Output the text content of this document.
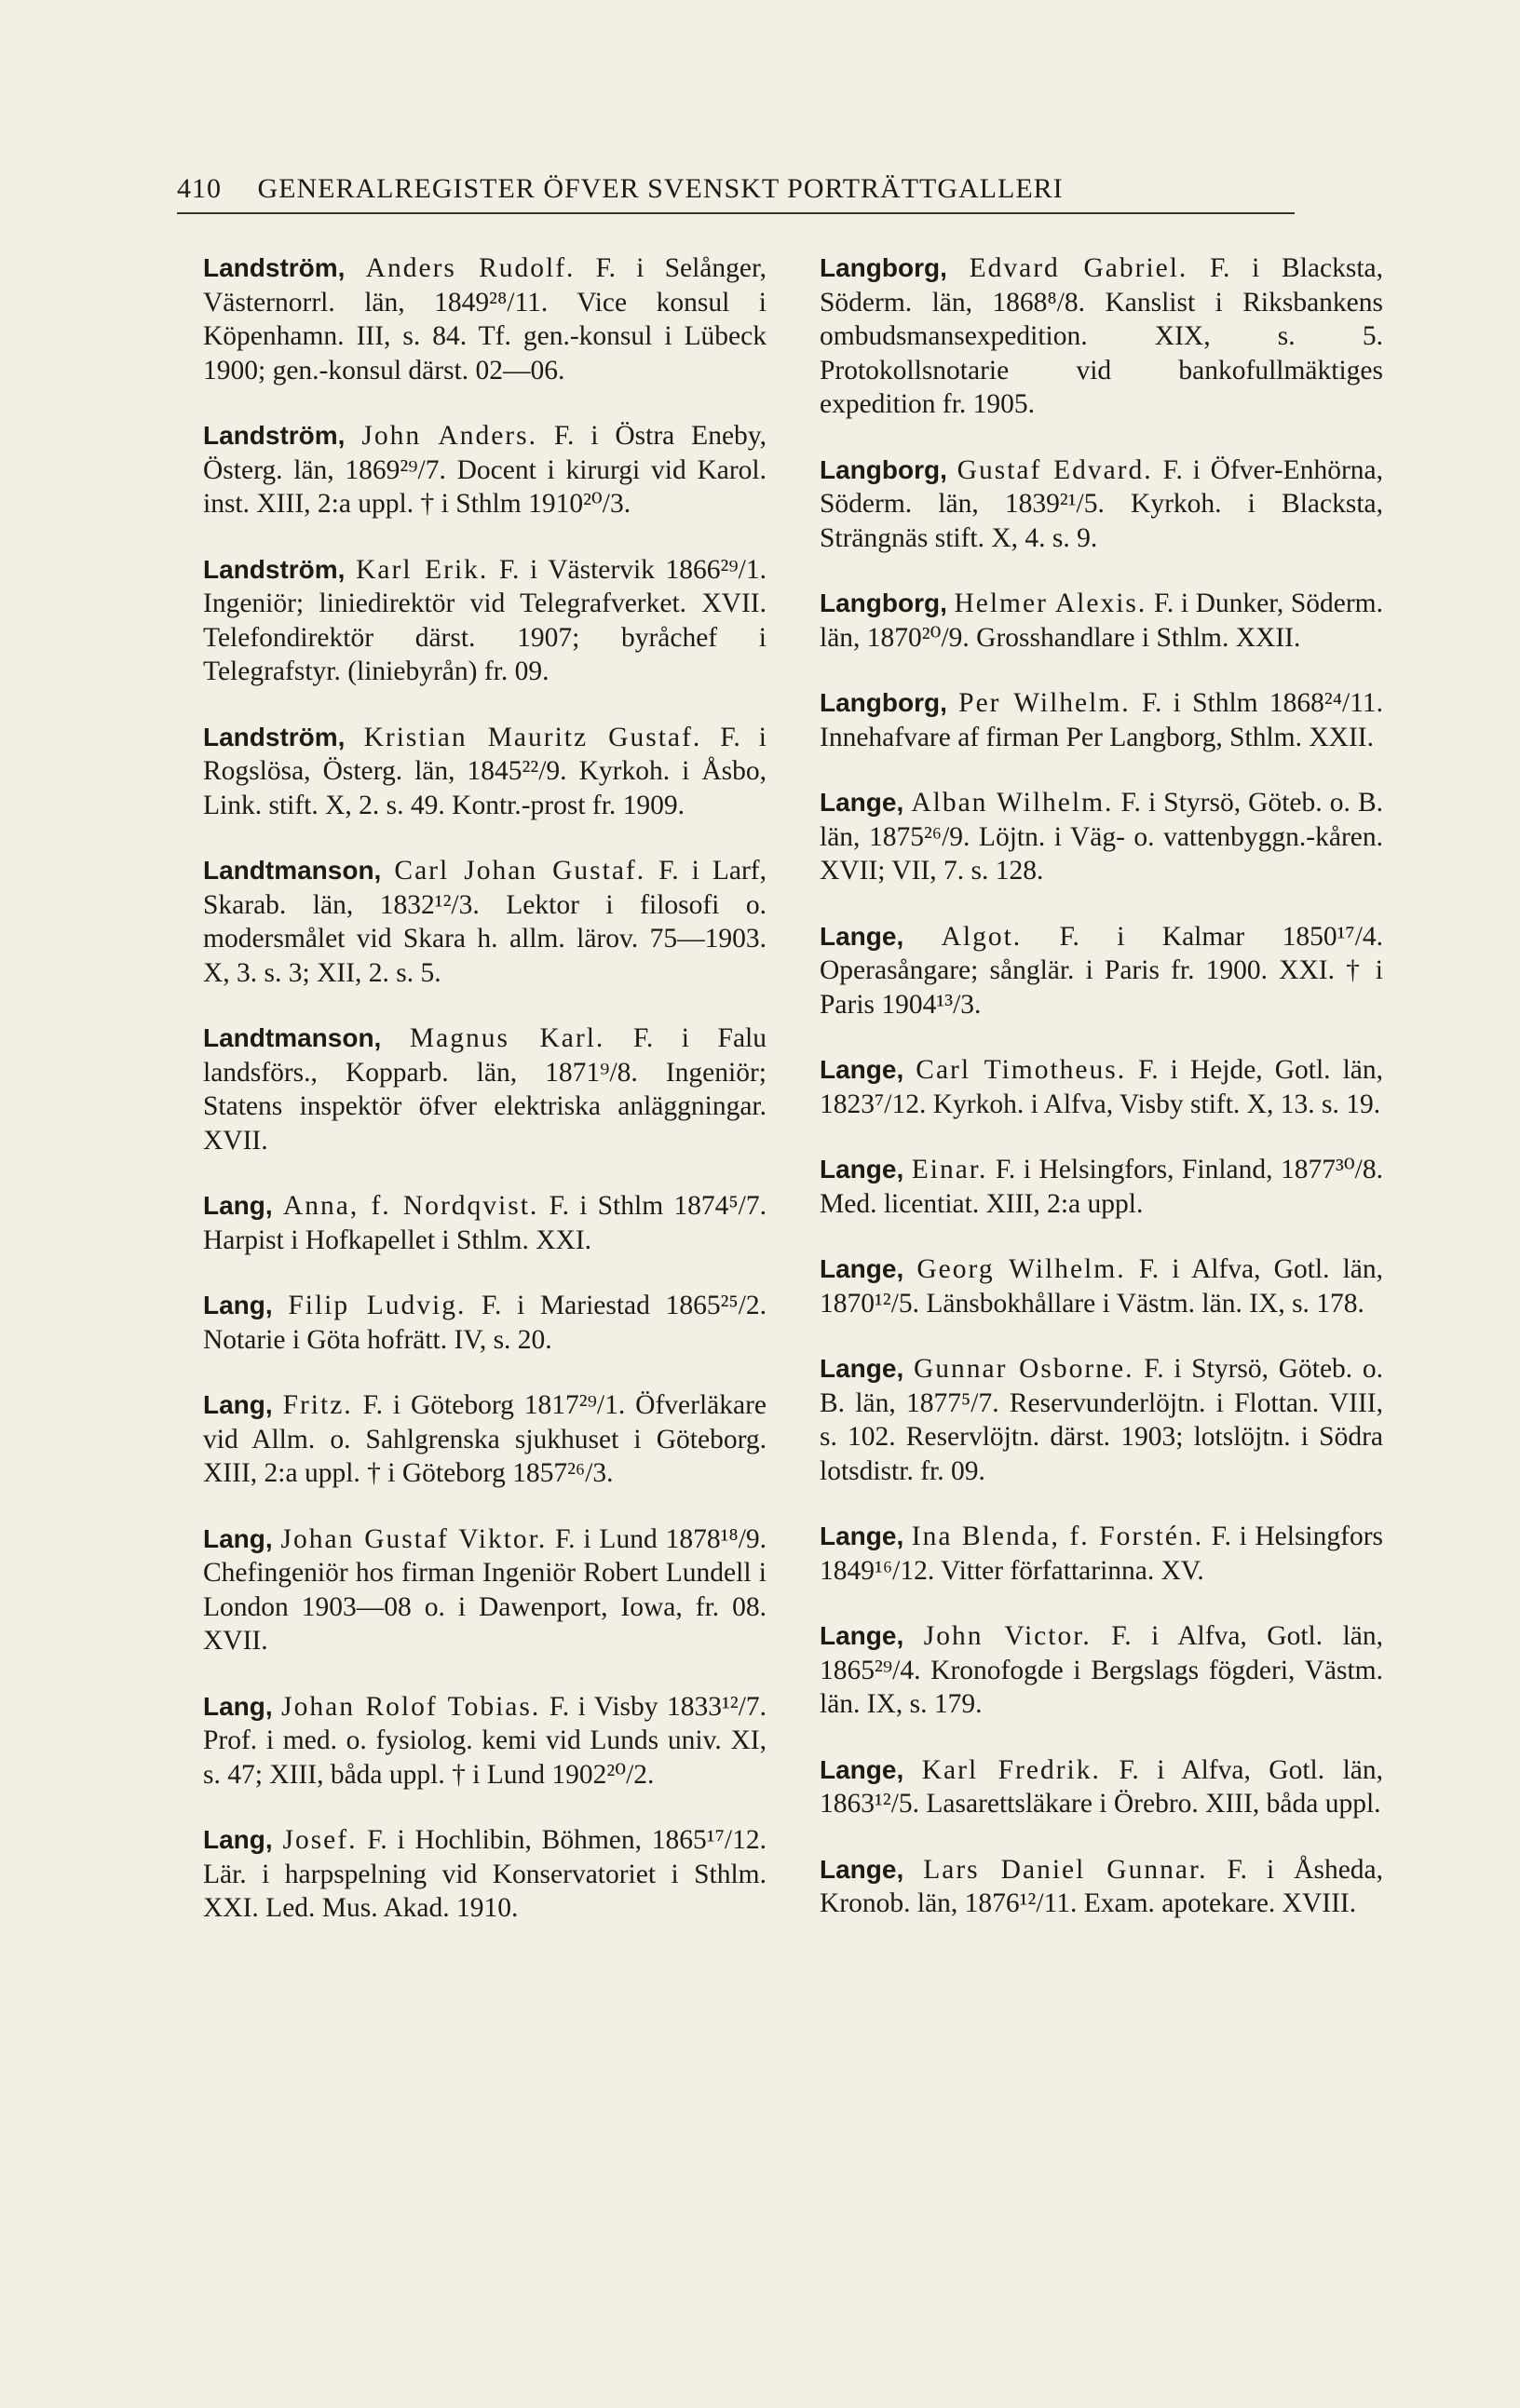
410 GENERALREGISTER ÖFVER SVENSKT PORTRÄTTGALLERI

Landström, Anders Rudolf. F. i Selånger, Västernorrl. län, 1849²⁸/11. Vice konsul i Köpenhamn. III, s. 84. Tf. gen.-konsul i Lübeck 1900; gen.-konsul därst. 02—06.

Landström, John Anders. F. i Östra Eneby, Österg. län, 1869²⁹/7. Docent i kirurgi vid Karol. inst. XIII, 2:a uppl. † i Sthlm 1910²⁰/3.

Landström, Karl Erik. F. i Västervik 1866²⁹/1. Ingeniör; liniedirektör vid Telegrafverket. XVII. Telefondirektör därst. 1907; byråchef i Telegrafstyr. (liniebyrån) fr. 09.

Landström, Kristian Mauritz Gustaf. F. i Rogslösa, Österg. län, 1845²²/9. Kyrkoh. i Åsbo, Link. stift. X, 2. s. 49. Kontr.-prost fr. 1909.

Landtmanson, Carl Johan Gustaf. F. i Larf, Skarab. län, 1832¹²/3. Lektor i filosofi o. modersmålet vid Skara h. allm. lärov. 75—1903. X, 3. s. 3; XII, 2. s. 5.

Landtmanson, Magnus Karl. F. i Falu landsförs., Kopparb. län, 1871⁹/8. Ingeniör; Statens inspektör öfver elektriska anläggningar. XVII.

Lang, Anna, f. Nordqvist. F. i Sthlm 1874⁵/7. Harpist i Hofkapellet i Sthlm. XXI.

Lang, Filip Ludvig. F. i Mariestad 1865²⁵/2. Notarie i Göta hofrätt. IV, s. 20.

Lang, Fritz. F. i Göteborg 1817²⁹/1. Öfverläkare vid Allm. o. Sahlgrenska sjukhuset i Göteborg. XIII, 2:a uppl. † i Göteborg 1857²⁶/3.

Lang, Johan Gustaf Viktor. F. i Lund 1878¹⁸/9. Chefingeniör hos firman Ingeniör Robert Lundell i London 1903—08 o. i Dawenport, Iowa, fr. 08. XVII.

Lang, Johan Rolof Tobias. F. i Visby 1833¹²/7. Prof. i med. o. fysiolog. kemi vid Lunds univ. XI, s. 47; XIII, båda uppl. † i Lund 1902²⁰/2.

Lang, Josef. F. i Hochlibin, Böhmen, 1865¹⁷/12. Lär. i harpspelning vid Konservatoriet i Sthlm. XXI. Led. Mus. Akad. 1910.

Langborg, Edvard Gabriel. F. i Blacksta, Söderm. län, 1868⁸/8. Kanslist i Riksbankens ombudsmansexpedition. XIX, s. 5. Protokollsnotarie vid bankofullmäktiges expedition fr. 1905.

Langborg, Gustaf Edvard. F. i Öfver-Enhörna, Söderm. län, 1839²¹/5. Kyrkoh. i Blacksta, Strängnäs stift. X, 4. s. 9.

Langborg, Helmer Alexis. F. i Dunker, Söderm. län, 1870²⁰/9. Grosshandlare i Sthlm. XXII.

Langborg, Per Wilhelm. F. i Sthlm 1868²⁴/11. Innehafvare af firman Per Langborg, Sthlm. XXII.

Lange, Alban Wilhelm. F. i Styrsö, Göteb. o. B. län, 1875²⁶/9. Löjtn. i Väg- o. vattenbyggn.-kåren. XVII; VII, 7. s. 128.

Lange, Algot. F. i Kalmar 1850¹⁷/4. Operasångare; sånglär. i Paris fr. 1900. XXI. † i Paris 1904¹³/3.

Lange, Carl Timotheus. F. i Hejde, Gotl. län, 1823⁷/12. Kyrkoh. i Alfva, Visby stift. X, 13. s. 19.

Lange, Einar. F. i Helsingfors, Finland, 1877³⁰/8. Med. licentiat. XIII, 2:a uppl.

Lange, Georg Wilhelm. F. i Alfva, Gotl. län, 1870¹²/5. Länsbokhållare i Västm. län. IX, s. 178.

Lange, Gunnar Osborne. F. i Styrsö, Göteb. o. B. län, 1877⁵/7. Reservunderlöjtn. i Flottan. VIII, s. 102. Reservlöjtn. därst. 1903; lotslöjtn. i Södra lotsdistr. fr. 09.

Lange, Ina Blenda, f. Forstén. F. i Helsingfors 1849¹⁶/12. Vitter författarinna. XV.

Lange, John Victor. F. i Alfva, Gotl. län, 1865²⁹/4. Kronofogde i Bergslags fögderi, Västm. län. IX, s. 179.

Lange, Karl Fredrik. F. i Alfva, Gotl. län, 1863¹²/5. Lasarettsläkare i Örebro. XIII, båda uppl.

Lange, Lars Daniel Gunnar. F. i Åsheda, Kronob. län, 1876¹²/11. Exam. apotekare. XVIII.
